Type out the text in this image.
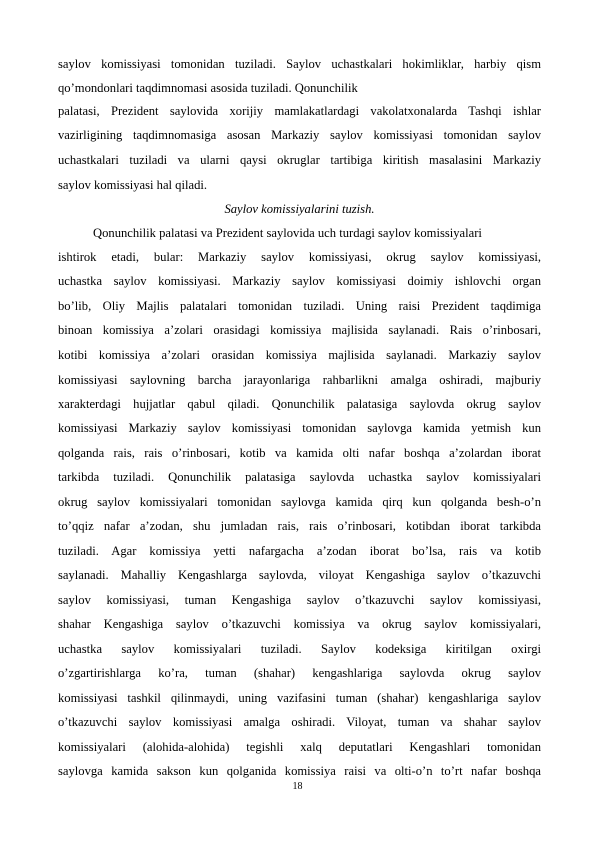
saylov komissiyasi tomonidan tuziladi. Saylov uchastkalari hokimliklar, harbiy qism
qo’mondonlari taqdimnomasi asosida tuziladi. Qonunchilik
palatasi, Prezident saylovida xorijiy mamlakatlardagi vakolatxonalarda Tashqi ishlar
vazirligining taqdimnomasiga asosan Markaziy saylov komissiyasi tomonidan saylov
uchastkalari tuziladi va ularni qaysi okruglar tartibiga kiritish masalasini Markaziy
saylov komissiyasi hal qiladi.
Saylov komissiyalarini tuzish.
Qonunchilik palatasi va Prezident saylovida uch turdagi saylov komissiyalari
ishtirok etadi, bular: Markaziy saylov komissiyasi, okrug saylov komissiyasi,
uchastka saylov komissiyasi. Markaziy saylov komissiyasi doimiy ishlovchi organ
bo’lib, Oliy Majlis palatalari tomonidan tuziladi. Uning raisi Prezident taqdimiga
binoan komissiya a’zolari orasidagi komissiya majlisida saylanadi. Rais o’rinbosari,
kotibi komissiya a’zolari orasidan komissiya majlisida saylanadi. Markaziy saylov
komissiyasi saylovning barcha jarayonlariga rahbarlikni amalga oshiradi, majburiy
xarakterdagi hujjatlar qabul qiladi. Qonunchilik palatasiga saylovda okrug saylov
komissiyasi Markaziy saylov komissiyasi tomonidan saylovga kamida yetmish kun
qolganda rais, rais o’rinbosari, kotib va kamida olti nafar boshqa a’zolardan iborat
tarkibda tuziladi. Qonunchilik palatasiga saylovda uchastka saylov komissiyalari
okrug saylov komissiyalari tomonidan saylovga kamida qirq kun qolganda besh-o’n
to’qqiz nafar a’zodan, shu jumladan rais, rais o’rinbosari, kotibdan iborat tarkibda
tuziladi. Agar komissiya yetti nafargacha a’zodan iborat bo’lsa, rais va kotib
saylanadi. Mahalliy Kengashlarga saylovda, viloyat Kengashiga saylov o’tkazuvchi
saylov komissiyasi, tuman Kengashiga saylov o’tkazuvchi saylov komissiyasi,
shahar Kengashiga saylov o’tkazuvchi komissiya va okrug saylov komissiyalari,
uchastka saylov komissiyalari tuziladi. Saylov kodeksiga kiritilgan oxirgi
o’zgartirishlarga ko’ra, tuman (shahar) kengashlariga saylovda okrug saylov
komissiyasi tashkil qilinmaydi, uning vazifasini tuman (shahar) kengashlariga saylov
o’tkazuvchi saylov komissiyasi amalga oshiradi. Viloyat, tuman va shahar saylov
komissiyalari (alohida-alohida) tegishli xalq deputatlari Kengashlari tomonidan
saylovga kamida sakson kun qolganida komissiya raisi va olti-o’n to’rt nafar boshqa
18
